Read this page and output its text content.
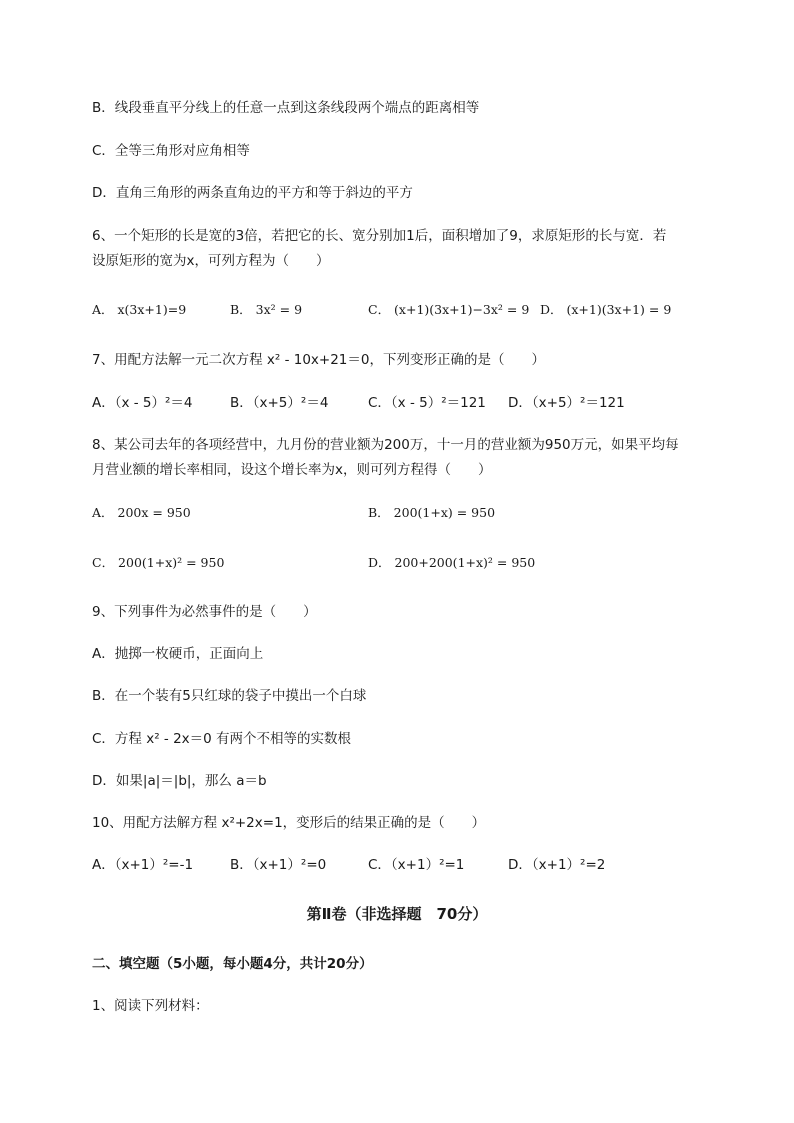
B．线段垂直平分线上的任意一点到这条线段两个端点的距离相等
C．全等三角形对应角相等
D．直角三角形的两条直角边的平方和等于斜边的平方
6、一个矩形的长是宽的3倍，若把它的长、宽分别加1后，面积增加了9，求原矩形的长与宽．若
设原矩形的宽为x，可列方程为（　　）
A． x(3x+1)=9	B． 3x² = 9	C． (x+1)(3x+1)−3x² = 9 D． (x+1)(3x+1) = 9
7、用配方法解一元二次方程 x² - 10x+21＝0，下列变形正确的是（　　）
A．（x - 5）²＝4	B．（x+5）²＝4	C．（x - 5）²＝121 D．（x+5）²＝121
8、某公司去年的各项经营中，九月份的营业额为200万，十一月的营业额为950万元，如果平均每
月营业额的增长率相同，设这个增长率为x，则可列方程得（　　）
A． 200x = 950	B． 200(1+x) = 950
C． 200(1+x)² = 950	D． 200+200(1+x)² = 950
9、下列事件为必然事件的是（　　）
A．抛掷一枚硬币，正面向上
B．在一个装有5只红球的袋子中摸出一个白球
C．方程 x² - 2x＝0 有两个不相等的实数根
D．如果|a|＝|b|，那么 a＝b
10、用配方法解方程 x²+2x=1，变形后的结果正确的是（　　）
A．（x+1）²=-1	B．（x+1）²=0	C．（x+1）²=1	D．（x+1）²=2
第Ⅱ卷（非选择题　70分）
二、填空题（5小题，每小题4分，共计20分）
1、阅读下列材料：
